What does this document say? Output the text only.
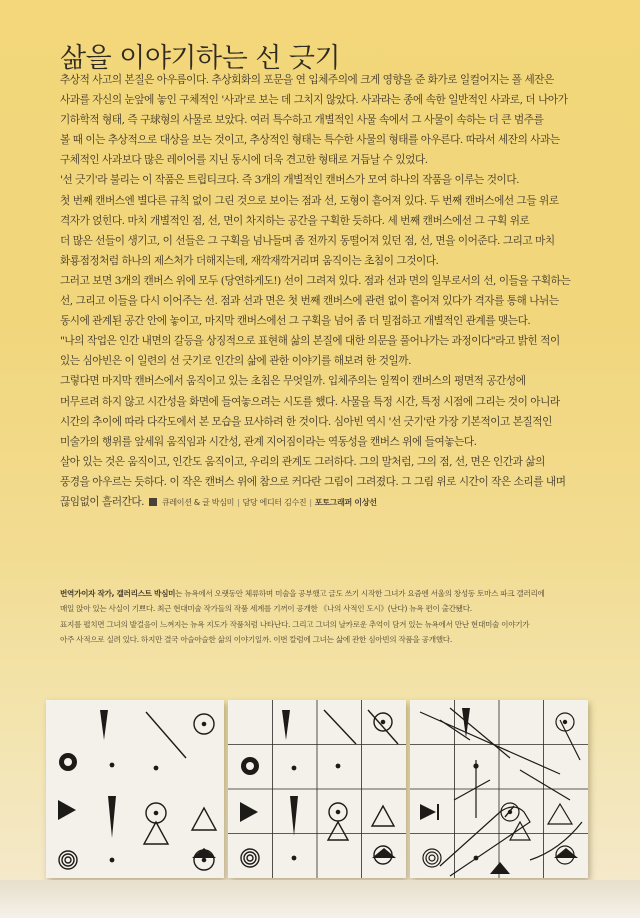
삶을 이야기하는 선 긋기
추상적 사고의 본질은 아우름이다. 추상회화의 포문을 연 입체주의에 크게 영향을 준 화가로 일컬어지는 폴 세잔은
사과를 자신의 눈앞에 놓인 구체적인 '사과'로 보는 데 그치지 않았다. 사과라는 종에 속한 일반적인 사과로, 더 나아가
기하학적 형태, 즉 구球형의 사물로 보았다. 여러 특수하고 개별적인 사물 속에서 그 사물이 속하는 더 큰 범주를
볼 때 이는 추상적으로 대상을 보는 것이고, 추상적인 형태는 특수한 사물의 형태를 아우른다. 따라서 세잔의 사과는
구체적인 사과보다 많은 레이어를 지닌 동시에 더욱 견고한 형태로 거듭날 수 있었다.
'선 긋기'라 불리는 이 작품은 트립티크다. 즉 3개의 개별적인 캔버스가 모여 하나의 작품을 이루는 것이다.
첫 번째 캔버스엔 별다른 규칙 없이 그린 것으로 보이는 점과 선, 도형이 흩어져 있다. 두 번째 캔버스에선 그들 위로
격자가 얹힌다. 마치 개별적인 점, 선, 면이 차지하는 공간을 구획한 듯하다. 세 번째 캔버스에선 그 구획 위로
더 많은 선들이 생기고, 이 선들은 그 구획을 넘나들며 좀 전까지 동떨어져 있던 점, 선, 면을 이어준다. 그리고 마치
화룡점정처럼 하나의 제스처가 더해지는데, 재깍재깍거리며 움직이는 초침이 그것이다.
그러고 보면 3개의 캔버스 위에 모두 (당연하게도!) 선이 그려져 있다. 점과 선과 면의 일부로서의 선, 이들을 구획하는
선, 그리고 이들을 다시 이어주는 선. 점과 선과 면은 첫 번째 캔버스에 관련 없이 흩어져 있다가 격자를 통해 나뉘는
동시에 관계된 공간 안에 놓이고, 마지막 캔버스에선 그 구획을 넘어 좀 더 밀접하고 개별적인 관계를 맺는다.
"나의 작업은 인간 내면의 갈등을 상징적으로 표현해 삶의 본질에 대한 의문을 풀어나가는 과정이다"라고 밝힌 적이
있는 심아빈은 이 일련의 선 긋기로 인간의 삶에 관한 이야기를 해보려 한 것일까.
그렇다면 마지막 캔버스에서 움직이고 있는 초침은 무엇일까. 입체주의는 일찍이 캔버스의 평면적 공간성에
머무르려 하지 않고 시간성을 화면에 들여놓으려는 시도를 했다. 사물을 특정 시간, 특정 시점에 그리는 것이 아니라
시간의 추이에 따라 다각도에서 본 모습을 묘사하려 한 것이다. 심아빈 역시 '선 긋기'란 가장 기본적이고 본질적인
미술가의 행위를 앞세워 움직임과 시간성, 관계 지어짐이라는 역동성을 캔버스 위에 들여놓는다.
살아 있는 것은 움직이고, 인간도 움직이고, 우리의 관계도 그러하다. 그의 말처럼, 그의 점, 선, 면은 인간과 삶의
풍경을 아우르는 듯하다. 이 작은 캔버스 위에 참으로 커다란 그림이 그려졌다. 그 그림 위로 시간이 작은 소리를 내며
끊임없이 흘러간다. 큐레이션 & 글 박심미 | 담당 에디터 김수진 | 포토그래퍼 이상선
번역가이자 작가, 갤러리스트 박심미는 뉴욕에서 오랫동안 체류하며 미술을 공부했고 글도 쓰기 시작한 그녀가 요즘엔 서울의 창성동 토마스 파크 갤러리에
매일 앉아 있는 사실이 기쁘다. 최근 현대미술 작가들의 작품 세계를 기꺼이 공개한 《나의 사적인 도시》(난다) 뉴욕 편이 출간됐다.
표지를 펼치면 그녀의 발걸음이 느껴지는 뉴욕 지도가 작품처럼 나타난다. 그리고 그녀의 날카로운 추억이 담겨 있는 뉴욕에서 만난 현대미술 이야기가
아주 사적으로 실려 있다. 하지만 결국 아슬아슬한 삶의 이야기일까. 이번 칼럼에 그녀는 삶에 관한 심아빈의 작품을 공개했다.
